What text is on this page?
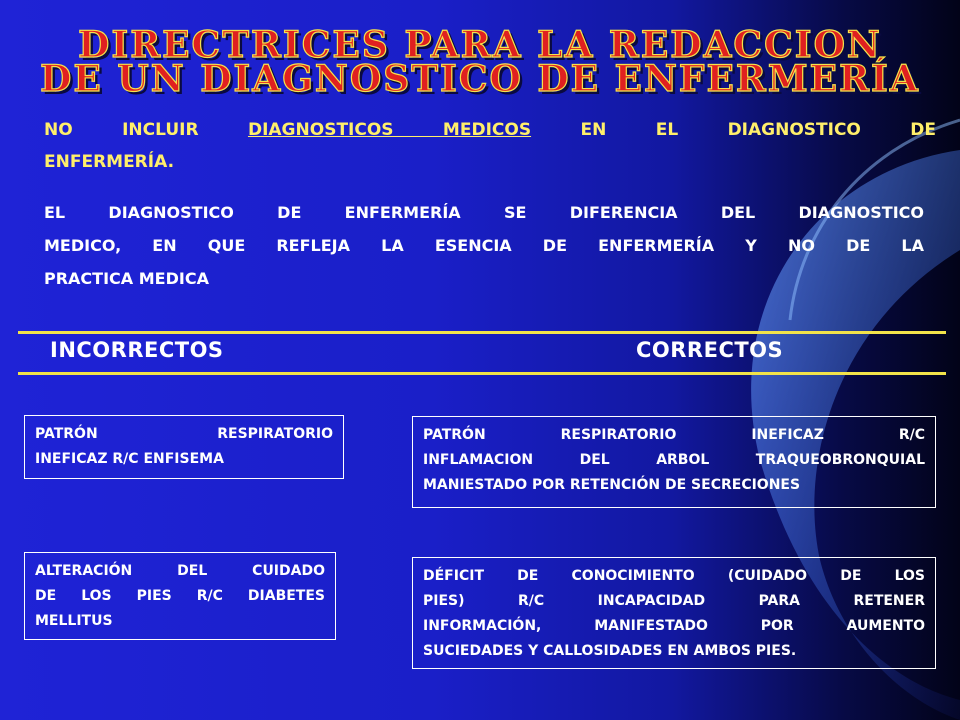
DIRECTRICES PARA LA REDACCION
DE UN DIAGNOSTICO DE ENFERMERÍA
NO INCLUIR	DIAGNOSTICOS MEDICOS	EN EL DIAGNOSTICO DE
ENFERMERÍA.
EL DIAGNOSTICO DE ENFERMERÍA SE DIFERENCIA DEL DIAGNOSTICO
MEDICO, EN QUE REFLEJA LA ESENCIA DE ENFERMERÍA Y NO DE LA
PRACTICA MEDICA
INCORRECTOS	CORRECTOS
PATRÓN RESPIRATORIO
INEFICAZ R/C ENFISEMA
PATRÓN RESPIRATORIO INEFICAZ R/C
INFLAMACION DEL ARBOL TRAQUEOBRONQUIAL
MANIESTADO POR RETENCIÓN DE SECRECIONES
ALTERACIÓN DEL CUIDADO
DE LOS PIES R/C DIABETES
MELLITUS
DÉFICIT DE CONOCIMIENTO (CUIDADO DE LOS
PIES) R/C INCAPACIDAD PARA RETENER
INFORMACIÓN, MANIFESTADO POR AUMENTO
SUCIEDADES Y CALLOSIDADES EN AMBOS PIES.
